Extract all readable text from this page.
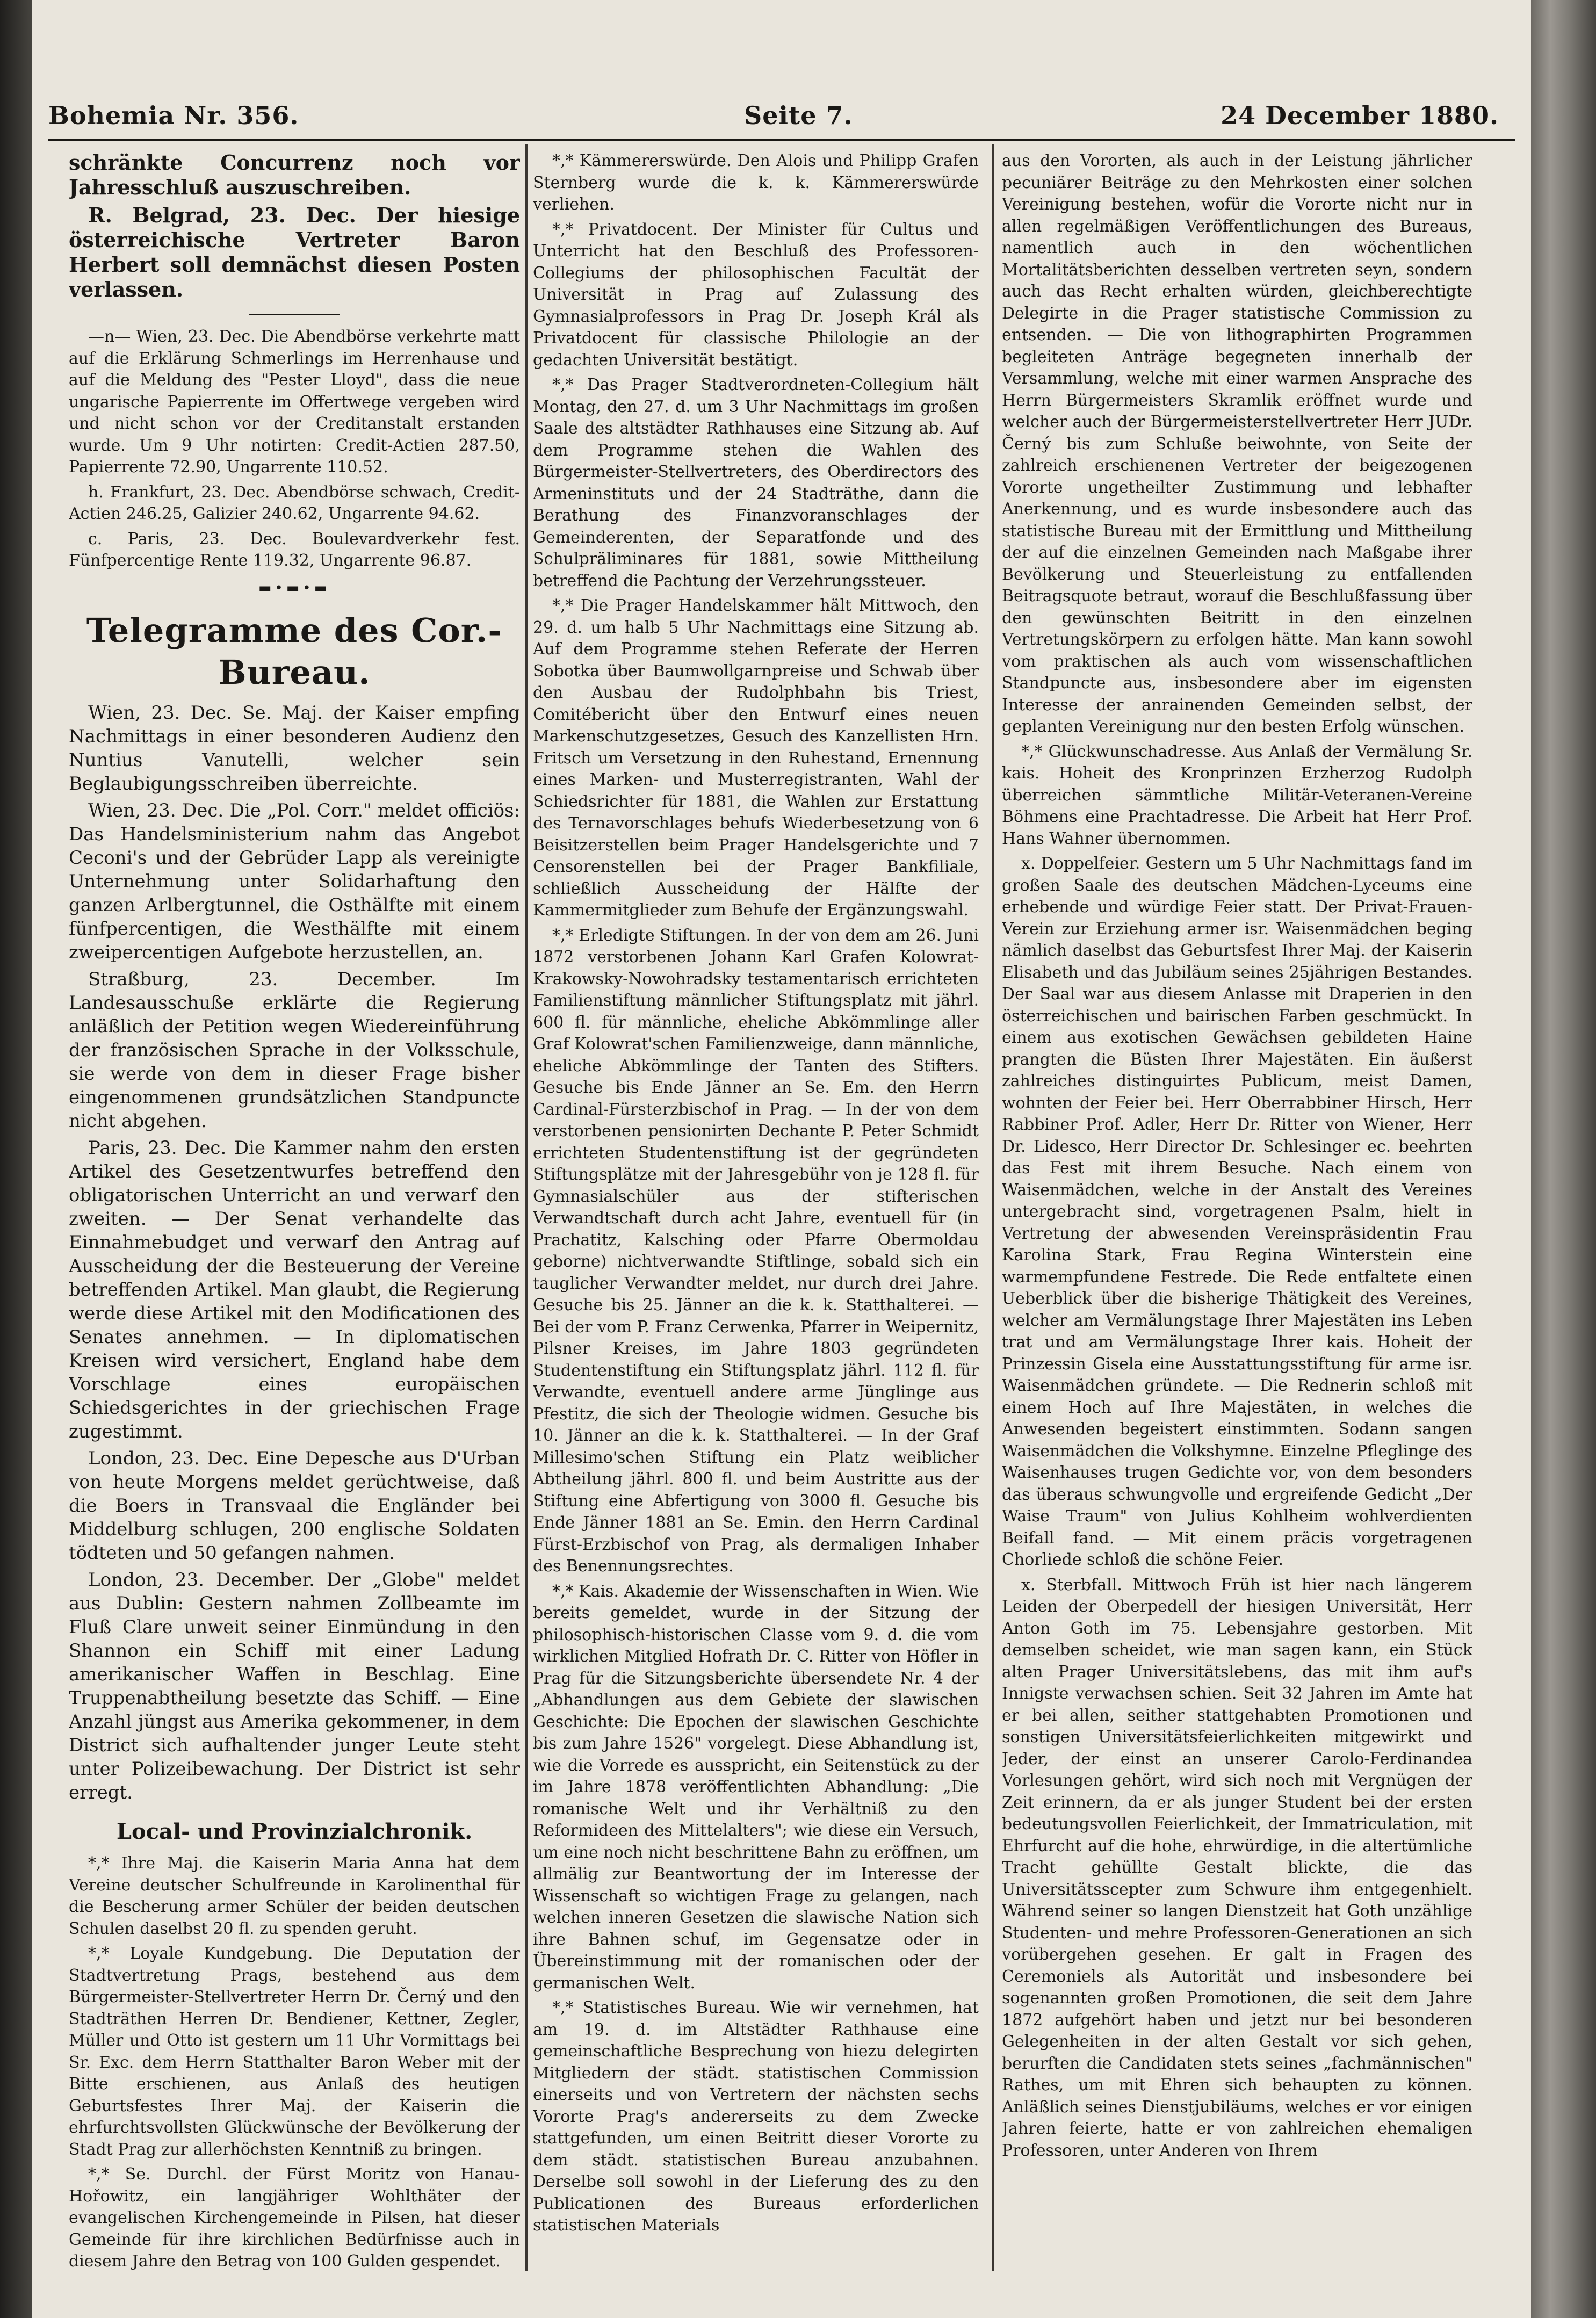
Bohemia Nr. 356.	Seite 7.	24 December 1880.

schränkte Concurrenz noch vor Jahresschluß auszuschreiben.

R. Belgrad, 23. Dec. Der hiesige österreichische Vertreter Baron Herbert soll demnächst diesen Posten verlassen.

—n— Wien, 23. Dec. Die Abendbörse verkehrte matt auf die Erklärung Schmerlings im Herrenhause und auf die Meldung des "Pester Lloyd", dass die neue ungarische Papierrente im Offertwege vergeben wird und nicht schon vor der Creditanstalt erstanden wurde. Um 9 Uhr notirten: Credit-Actien 287.50, Papierrente 72.90, Ungarrente 110.52.

h. Frankfurt, 23. Dec. Abendbörse schwach, Credit-Actien 246.25, Galizier 240.62, Ungarrente 94.62.

c. Paris, 23. Dec. Boulevardverkehr fest. Fünfpercentige Rente 119.32, Ungarrente 96.87.

▬•▬•▬
Telegramme des Cor.-Bureau.

Wien, 23. Dec. Se. Maj. der Kaiser empfing Nachmittags in einer besonderen Audienz den Nuntius Vanutelli, welcher sein Beglaubigungsschreiben überreichte.

Wien, 23. Dec. Die „Pol. Corr." meldet officiös: Das Handelsministerium nahm das Angebot Ceconi's und der Gebrüder Lapp als vereinigte Unternehmung unter Solidarhaftung den ganzen Arlbergtunnel, die Osthälfte mit einem fünfpercentigen, die Westhälfte mit einem zweipercentigen Aufgebote herzustellen, an.

Straßburg, 23. December. Im Landesausschuße erklärte die Regierung anläßlich der Petition wegen Wiedereinführung der französischen Sprache in der Volksschule, sie werde von dem in dieser Frage bisher eingenommenen grundsätzlichen Standpuncte nicht abgehen.

Paris, 23. Dec. Die Kammer nahm den ersten Artikel des Gesetzentwurfes betreffend den obligatorischen Unterricht an und verwarf den zweiten. — Der Senat verhandelte das Einnahmebudget und verwarf den Antrag auf Ausscheidung der die Besteuerung der Vereine betreffenden Artikel. Man glaubt, die Regierung werde diese Artikel mit den Modificationen des Senates annehmen. — In diplomatischen Kreisen wird versichert, England habe dem Vorschlage eines europäischen Schiedsgerichtes in der griechischen Frage zugestimmt.

London, 23. Dec. Eine Depesche aus D'Urban von heute Morgens meldet gerüchtweise, daß die Boers in Transvaal die Engländer bei Middelburg schlugen, 200 englische Soldaten tödteten und 50 gefangen nahmen.

London, 23. December. Der „Globe" meldet aus Dublin: Gestern nahmen Zollbeamte im Fluß Clare unweit seiner Einmündung in den Shannon ein Schiff mit einer Ladung amerikanischer Waffen in Beschlag. Eine Truppenabtheilung besetzte das Schiff. — Eine Anzahl jüngst aus Amerika gekommener, in dem District sich aufhaltender junger Leute steht unter Polizeibewachung. Der District ist sehr erregt.

Local- und Provinzialchronik.

*,* Ihre Maj. die Kaiserin Maria Anna hat dem Vereine deutscher Schulfreunde in Karolinenthal für die Bescherung armer Schüler der beiden deutschen Schulen daselbst 20 fl. zu spenden geruht.

*,* Loyale Kundgebung. Die Deputation der Stadtvertretung Prags, bestehend aus dem Bürgermeister-Stellvertreter Herrn Dr. Černý und den Stadträthen Herren Dr. Bendiener, Kettner, Zegler, Müller und Otto ist gestern um 11 Uhr Vormittags bei Sr. Exc. dem Herrn Statthalter Baron Weber mit der Bitte erschienen, aus Anlaß des heutigen Geburtsfestes Ihrer Maj. der Kaiserin die ehrfurchtsvollsten Glückwünsche der Bevölkerung der Stadt Prag zur allerhöchsten Kenntniß zu bringen.

*,* Se. Durchl. der Fürst Moritz von Hanau-Hořowitz, ein langjähriger Wohlthäter der evangelischen Kirchengemeinde in Pilsen, hat dieser Gemeinde für ihre kirchlichen Bedürfnisse auch in diesem Jahre den Betrag von 100 Gulden gespendet.

*,* Kämmererswürde. Den Alois und Philipp Grafen Sternberg wurde die k. k. Kämmererswürde verliehen.

*,* Privatdocent. Der Minister für Cultus und Unterricht hat den Beschluß des Professoren-Collegiums der philosophischen Facultät der Universität in Prag auf Zulassung des Gymnasialprofessors in Prag Dr. Joseph Král als Privatdocent für classische Philologie an der gedachten Universität bestätigt.

*,* Das Prager Stadtverordneten-Collegium hält Montag, den 27. d. um 3 Uhr Nachmittags im großen Saale des altstädter Rathhauses eine Sitzung ab. Auf dem Programme stehen die Wahlen des Bürgermeister-Stellvertreters, des Oberdirectors des Armeninstituts und der 24 Stadträthe, dann die Berathung des Finanzvoranschlages der Gemeinderenten, der Separatfonde und des Schulpräliminares für 1881, sowie Mittheilung betreffend die Pachtung der Verzehrungssteuer.

*,* Die Prager Handelskammer hält Mittwoch, den 29. d. um halb 5 Uhr Nachmittags eine Sitzung ab. Auf dem Programme stehen Referate der Herren Sobotka über Baumwollgarnpreise und Schwab über den Ausbau der Rudolphbahn bis Triest, Comitébericht über den Entwurf eines neuen Markenschutzgesetzes, Gesuch des Kanzellisten Hrn. Fritsch um Versetzung in den Ruhestand, Ernennung eines Marken- und Musterregistranten, Wahl der Schiedsrichter für 1881, die Wahlen zur Erstattung des Ternavorschlages behufs Wiederbesetzung von 6 Beisitzerstellen beim Prager Handelsgerichte und 7 Censorenstellen bei der Prager Bankfiliale, schließlich Ausscheidung der Hälfte der Kammermitglieder zum Behufe der Ergänzungswahl.

*,* Erledigte Stiftungen. In der von dem am 26. Juni 1872 verstorbenen Johann Karl Grafen Kolowrat-Krakowsky-Nowohradsky testamentarisch errichteten Familienstiftung männlicher Stiftungsplatz mit jährl. 600 fl. für männliche, eheliche Abkömmlinge aller Graf Kolowrat'schen Familienzweige, dann männliche, eheliche Abkömmlinge der Tanten des Stifters. Gesuche bis Ende Jänner an Se. Em. den Herrn Cardinal-Fürsterzbischof in Prag. — In der von dem verstorbenen pensionirten Dechante P. Peter Schmidt errichteten Studentenstiftung ist der gegründeten Stiftungsplätze mit der Jahresgebühr von je 128 fl. für Gymnasialschüler aus der stifterischen Verwandtschaft durch acht Jahre, eventuell für (in Prachatitz, Kalsching oder Pfarre Obermoldau geborne) nichtverwandte Stiftlinge, sobald sich ein tauglicher Verwandter meldet, nur durch drei Jahre. Gesuche bis 25. Jänner an die k. k. Statthalterei. — Bei der vom P. Franz Cerwenka, Pfarrer in Weipernitz, Pilsner Kreises, im Jahre 1803 gegründeten Studentenstiftung ein Stiftungsplatz jährl. 112 fl. für Verwandte, eventuell andere arme Jünglinge aus Pfestitz, die sich der Theologie widmen. Gesuche bis 10. Jänner an die k. k. Statthalterei. — In der Graf Millesimo'schen Stiftung ein Platz weiblicher Abtheilung jährl. 800 fl. und beim Austritte aus der Stiftung eine Abfertigung von 3000 fl. Gesuche bis Ende Jänner 1881 an Se. Emin. den Herrn Cardinal Fürst-Erzbischof von Prag, als dermaligen Inhaber des Benennungsrechtes.

*,* Kais. Akademie der Wissenschaften in Wien. Wie bereits gemeldet, wurde in der Sitzung der philosophisch-historischen Classe vom 9. d. die vom wirklichen Mitglied Hofrath Dr. C. Ritter von Höfler in Prag für die Sitzungsberichte übersendete Nr. 4 der „Abhandlungen aus dem Gebiete der slawischen Geschichte: Die Epochen der slawischen Geschichte bis zum Jahre 1526" vorgelegt. Diese Abhandlung ist, wie die Vorrede es ausspricht, ein Seitenstück zu der im Jahre 1878 veröffentlichten Abhandlung: „Die romanische Welt und ihr Verhältniß zu den Reformideen des Mittelalters"; wie diese ein Versuch, um eine noch nicht beschrittene Bahn zu eröffnen, um allmälig zur Beantwortung der im Interesse der Wissenschaft so wichtigen Frage zu gelangen, nach welchen inneren Gesetzen die slawische Nation sich ihre Bahnen schuf, im Gegensatze oder in Übereinstimmung mit der romanischen oder der germanischen Welt.

*,* Statistisches Bureau. Wie wir vernehmen, hat am 19. d. im Altstädter Rathhause eine gemeinschaftliche Besprechung von hiezu delegirten Mitgliedern der städt. statistischen Commission einerseits und von Vertretern der nächsten sechs Vororte Prag's andererseits zu dem Zwecke stattgefunden, um einen Beitritt dieser Vororte zu dem städt. statistischen Bureau anzubahnen. Derselbe soll sowohl in der Lieferung des zu den Publicationen des Bureaus erforderlichen statistischen Materials

aus den Vororten, als auch in der Leistung jährlicher pecuniärer Beiträge zu den Mehrkosten einer solchen Vereinigung bestehen, wofür die Vororte nicht nur in allen regelmäßigen Veröffentlichungen des Bureaus, namentlich auch in den wöchentlichen Mortalitätsberichten desselben vertreten seyn, sondern auch das Recht erhalten würden, gleichberechtigte Delegirte in die Prager statistische Commission zu entsenden. — Die von lithographirten Programmen begleiteten Anträge begegneten innerhalb der Versammlung, welche mit einer warmen Ansprache des Herrn Bürgermeisters Skramlik eröffnet wurde und welcher auch der Bürgermeisterstellvertreter Herr JUDr. Černý bis zum Schluße beiwohnte, von Seite der zahlreich erschienenen Vertreter der beigezogenen Vororte ungetheilter Zustimmung und lebhafter Anerkennung, und es wurde insbesondere auch das statistische Bureau mit der Ermittlung und Mittheilung der auf die einzelnen Gemeinden nach Maßgabe ihrer Bevölkerung und Steuerleistung zu entfallenden Beitragsquote betraut, worauf die Beschlußfassung über den gewünschten Beitritt in den einzelnen Vertretungskörpern zu erfolgen hätte. Man kann sowohl vom praktischen als auch vom wissenschaftlichen Standpuncte aus, insbesondere aber im eigensten Interesse der anrainenden Gemeinden selbst, der geplanten Vereinigung nur den besten Erfolg wünschen.

*,* Glückwunschadresse. Aus Anlaß der Vermälung Sr. kais. Hoheit des Kronprinzen Erzherzog Rudolph überreichen sämmtliche Militär-Veteranen-Vereine Böhmens eine Prachtadresse. Die Arbeit hat Herr Prof. Hans Wahner übernommen.

x. Doppelfeier. Gestern um 5 Uhr Nachmittags fand im großen Saale des deutschen Mädchen-Lyceums eine erhebende und würdige Feier statt. Der Privat-Frauen-Verein zur Erziehung armer isr. Waisenmädchen beging nämlich daselbst das Geburtsfest Ihrer Maj. der Kaiserin Elisabeth und das Jubiläum seines 25jährigen Bestandes. Der Saal war aus diesem Anlasse mit Draperien in den österreichischen und bairischen Farben geschmückt. In einem aus exotischen Gewächsen gebildeten Haine prangten die Büsten Ihrer Majestäten. Ein äußerst zahlreiches distinguirtes Publicum, meist Damen, wohnten der Feier bei. Herr Oberrabbiner Hirsch, Herr Rabbiner Prof. Adler, Herr Dr. Ritter von Wiener, Herr Dr. Lidesco, Herr Director Dr. Schlesinger ec. beehrten das Fest mit ihrem Besuche. Nach einem von Waisenmädchen, welche in der Anstalt des Vereines untergebracht sind, vorgetragenen Psalm, hielt in Vertretung der abwesenden Vereinspräsidentin Frau Karolina Stark, Frau Regina Winterstein eine warmempfundene Festrede. Die Rede entfaltete einen Ueberblick über die bisherige Thätigkeit des Vereines, welcher am Vermälungstage Ihrer Majestäten ins Leben trat und am Vermälungstage Ihrer kais. Hoheit der Prinzessin Gisela eine Ausstattungsstiftung für arme isr. Waisenmädchen gründete. — Die Rednerin schloß mit einem Hoch auf Ihre Majestäten, in welches die Anwesenden begeistert einstimmten. Sodann sangen Waisenmädchen die Volkshymne. Einzelne Pfleglinge des Waisenhauses trugen Gedichte vor, von dem besonders das überaus schwungvolle und ergreifende Gedicht „Der Waise Traum" von Julius Kohlheim wohlverdienten Beifall fand. — Mit einem präcis vorgetragenen Chorliede schloß die schöne Feier.

x. Sterbfall. Mittwoch Früh ist hier nach längerem Leiden der Oberpedell der hiesigen Universität, Herr Anton Goth im 75. Lebensjahre gestorben. Mit demselben scheidet, wie man sagen kann, ein Stück alten Prager Universitätslebens, das mit ihm auf's Innigste verwachsen schien. Seit 32 Jahren im Amte hat er bei allen, seither stattgehabten Promotionen und sonstigen Universitätsfeierlichkeiten mitgewirkt und Jeder, der einst an unserer Carolo-Ferdinandea Vorlesungen gehört, wird sich noch mit Vergnügen der Zeit erinnern, da er als junger Student bei der ersten bedeutungsvollen Feierlichkeit, der Immatriculation, mit Ehrfurcht auf die hohe, ehrwürdige, in die altertümliche Tracht gehüllte Gestalt blickte, die das Universitätsscepter zum Schwure ihm entgegenhielt. Während seiner so langen Dienstzeit hat Goth unzählige Studenten- und mehre Professoren-Generationen an sich vorübergehen gesehen. Er galt in Fragen des Ceremoniels als Autorität und insbesondere bei sogenannten großen Promotionen, die seit dem Jahre 1872 aufgehört haben und jetzt nur bei besonderen Gelegenheiten in der alten Gestalt vor sich gehen, berurften die Candidaten stets seines „fachmännischen" Rathes, um mit Ehren sich behaupten zu können. Anläßlich seines Dienstjubiläums, welches er vor einigen Jahren feierte, hatte er von zahlreichen ehemaligen Professoren, unter Anderen von Ihrem
